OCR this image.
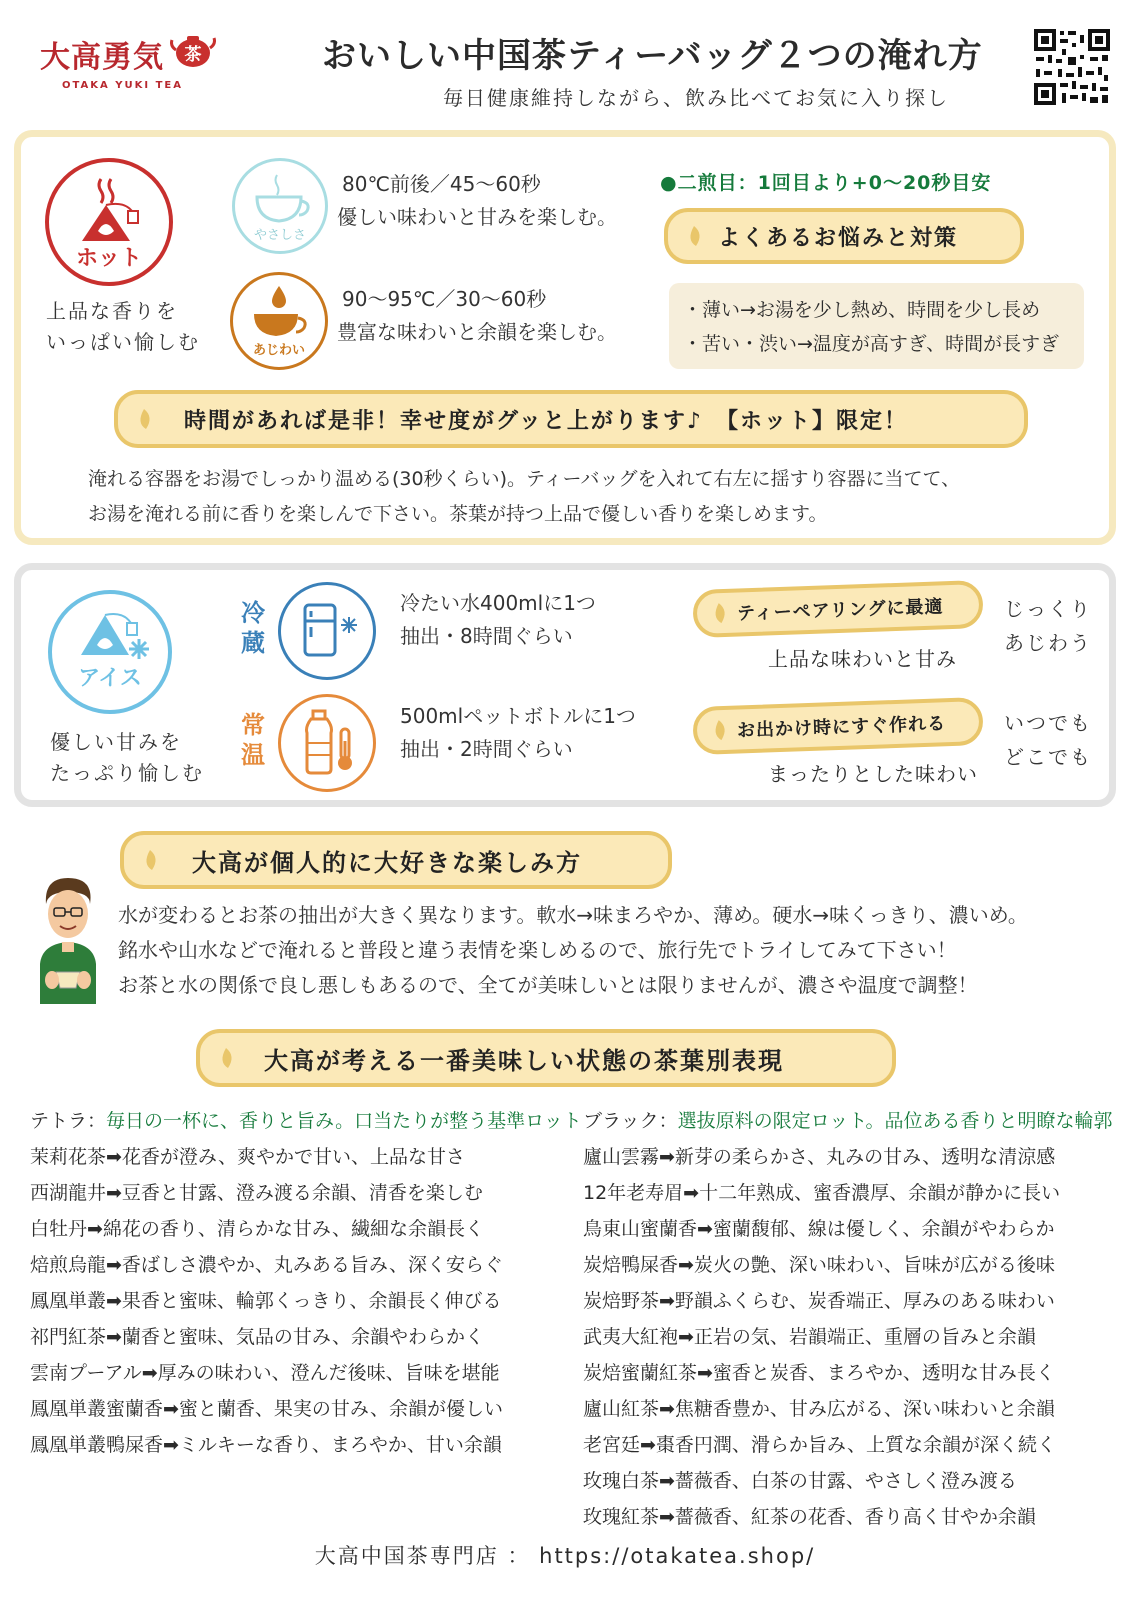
大高勇気 茶
OTAKA YUKI TEA
おいしい中国茶ティーバッグ２つの淹れ方
毎日健康維持しながら、飲み比べてお気に入り探し
ホット
上品な香りを
いっぱい愉しむ
やさしさ
80℃前後／45〜60秒
優しい味わいと甘みを楽しむ。
あじわい
90〜95℃／30〜60秒
豊富な味わいと余韻を楽しむ。
●二煎目：1回目より+0〜20秒目安
よくあるお悩みと対策
・薄い→お湯を少し熱め、時間を少し長め
・苦い・渋い→温度が高すぎ、時間が長すぎ
時間があれば是非！幸せ度がグッと上がります♪　【ホット】限定！
淹れる容器をお湯でしっかり温める(30秒くらい)。ティーバッグを入れて右左に揺すり容器に当てて、
お湯を淹れる前に香りを楽しんで下さい。茶葉が持つ上品で優しい香りを楽しめます。
アイス
優しい甘みを
たっぷり愉しむ
冷蔵
冷たい水400mlに1つ
抽出・8時間ぐらい
常温
500mlペットボトルに1つ
抽出・2時間ぐらい
ティーペアリングに最適
上品な味わいと甘み
じっくり
あじわう
お出かけ時にすぐ作れる
まったりとした味わい
いつでも
どこでも
大高が個人的に大好きな楽しみ方
水が変わるとお茶の抽出が大きく異なります。軟水→味まろやか、薄め。硬水→味くっきり、濃いめ。
銘水や山水などで淹れると普段と違う表情を楽しめるので、旅行先でトライしてみて下さい！
お茶と水の関係で良し悪しもあるので、全てが美味しいとは限りませんが、濃さや温度で調整！
大高が考える一番美味しい状態の茶葉別表現
テトラ：毎日の一杯に、香りと旨み。口当たりが整う基準ロット
茉莉花茶➡花香が澄み、爽やかで甘い、上品な甘さ
西湖龍井➡豆香と甘露、澄み渡る余韻、清香を楽しむ
白牡丹➡綿花の香り、清らかな甘み、繊細な余韻長く
焙煎烏龍➡香ばしさ濃やか、丸みある旨み、深く安らぐ
鳳凰単叢➡果香と蜜味、輪郭くっきり、余韻長く伸びる
祁門紅茶➡蘭香と蜜味、気品の甘み、余韻やわらかく
雲南プーアル➡厚みの味わい、澄んだ後味、旨味を堪能
鳳凰単叢蜜蘭香➡蜜と蘭香、果実の甘み、余韻が優しい
鳳凰単叢鴨屎香➡ミルキーな香り、まろやか、甘い余韻
ブラック：選抜原料の限定ロット。品位ある香りと明瞭な輪郭
廬山雲霧➡新芽の柔らかさ、丸みの甘み、透明な清涼感
12年老寿眉➡十二年熟成、蜜香濃厚、余韻が静かに長い
鳥東山蜜蘭香➡蜜蘭馥郁、線は優しく、余韻がやわらか
炭焙鴨屎香➡炭火の艶、深い味わい、旨味が広がる後味
炭焙野茶➡野韻ふくらむ、炭香端正、厚みのある味わい
武夷大紅袍➡正岩の気、岩韻端正、重層の旨みと余韻
炭焙蜜蘭紅茶➡蜜香と炭香、まろやか、透明な甘み長く
廬山紅茶➡焦糖香豊か、甘み広がる、深い味わいと余韻
老宮廷➡棗香円潤、滑らか旨み、上質な余韻が深く続く
玫瑰白茶➡薔薇香、白茶の甘露、やさしく澄み渡る
玫瑰紅茶➡薔薇香、紅茶の花香、香り高く甘やか余韻
大高中国茶専門店 ： https://otakatea.shop/
